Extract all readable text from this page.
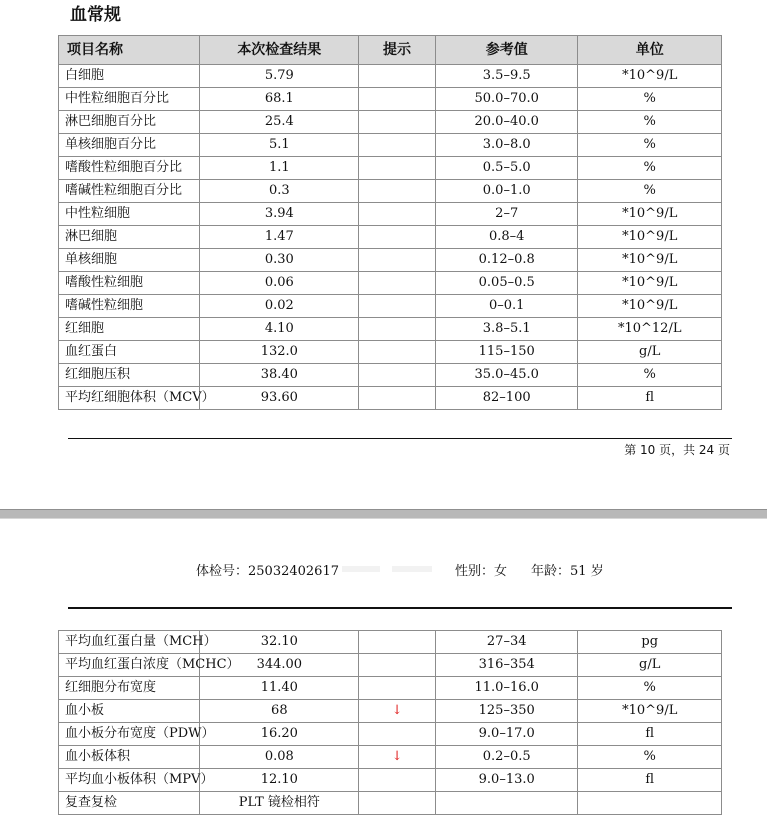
血常规
项目名称	本次检查结果	提示	参考值	单位
白细胞	5.79		3.5–9.5	*10^9/L
中性粒细胞百分比	68.1		50.0–70.0	%
淋巴细胞百分比	25.4		20.0–40.0	%
单核细胞百分比	5.1		3.0–8.0	%
嗜酸性粒细胞百分比	1.1		0.5–5.0	%
嗜碱性粒细胞百分比	0.3		0.0–1.0	%
中性粒细胞	3.94		2–7	*10^9/L
淋巴细胞	1.47		0.8–4	*10^9/L
单核细胞	0.30		0.12–0.8	*10^9/L
嗜酸性粒细胞	0.06		0.05–0.5	*10^9/L
嗜碱性粒细胞	0.02		0–0.1	*10^9/L
红细胞	4.10		3.8–5.1	*10^12/L
血红蛋白	132.0		115–150	g/L
红细胞压积	38.40		35.0–45.0	%
平均红细胞体积（MCV）	93.60		82–100	fl
第 10 页，共 24 页
体检号：25032402617	性别：女 年龄：51 岁
平均血红蛋白量（MCH）	32.10		27–34	pg
平均血红蛋白浓度（MCHC）	344.00		316–354	g/L
红细胞分布宽度	11.40		11.0–16.0	%
血小板	68	↓	125–350	*10^9/L
血小板分布宽度（PDW）	16.20		9.0–17.0	fl
血小板体积	0.08	↓	0.2–0.5	%
平均血小板体积（MPV）	12.10		9.0–13.0	fl
复查复检	PLT 镜检相符			
